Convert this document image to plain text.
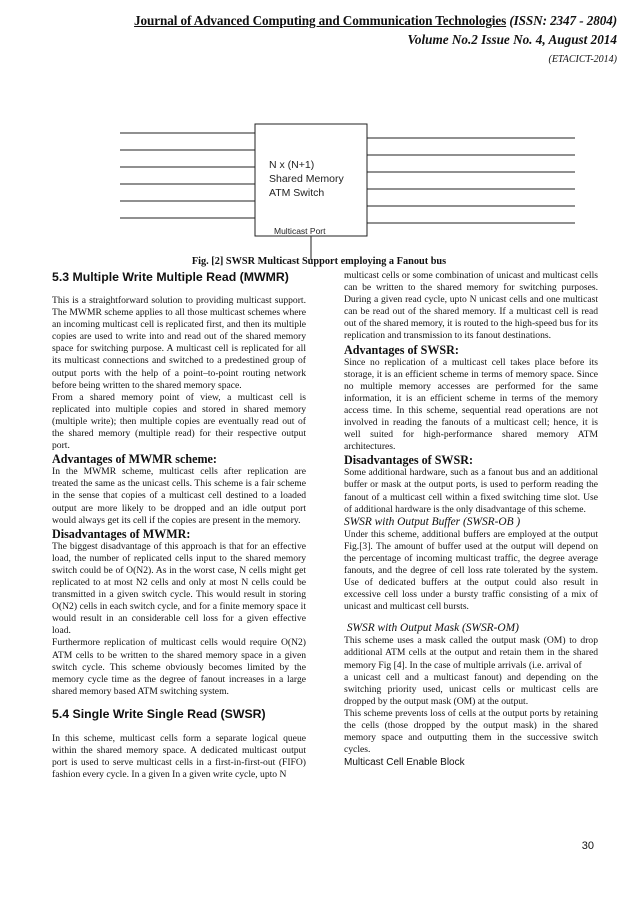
Journal of Advanced Computing and Communication Technologies (ISSN: 2347 - 2804)
Volume No.2 Issue No. 4, August 2014
(ETACICT-2014)
N x (N+1)
Shared Memory
ATM Switch
Multicast Port
Fig. [2] SWSR Multicast Support employing a Fanout bus

5.3 Multiple Write Multiple Read (MWMR)

This is a straightforward solution to providing multicast support. The MWMR scheme applies to all those multicast schemes where an incoming multicast cell is replicated first, and then its multiple copies are used to write into and read out of the shared memory space for switching purpose. A multicast cell is replicated for all its multicast connections and switched to a predestined group of output ports with the help of a point–to-point routing network before being written to the shared memory space.

From a shared memory point of view, a multicast cell is replicated into multiple copies and stored in shared memory (multiple write); then multiple copies are eventually read out of the shared memory (multiple read) for their respective output port.

Advantages of MWMR scheme:

In the MWMR scheme, multicast cells after replication are treated the same as the unicast cells. This scheme is a fair scheme in the sense that copies of a multicast cell destined to a loaded output are more likely to be dropped and an idle output port would always get its cell if the copies are present in the memory.

Disadvantages of MWMR:

The biggest disadvantage of this approach is that for an effective load, the number of replicated cells input to the shared memory switch could be of O(N2). As in the worst case, N cells might get replicated to at most N2 cells and only at most N cells could be transmitted in a given switch cycle. This would result in storing O(N2) cells in each switch cycle, and for a finite memory space it would result in an considerable cell loss for a given effective load.

Furthermore replication of multicast cells would require O(N2) ATM cells to be written to the shared memory space in a given switch cycle. This scheme obviously becomes limited by the memory cycle time as the degree of fanout increases in a large shared memory based ATM switching system.

5.4 Single Write Single Read (SWSR)

In this scheme, multicast cells form a separate logical queue within the shared memory space. A dedicated multicast output port is used to serve multicast cells in a first-in-first-out (FIFO) fashion every cycle. In a given In a given write cycle, upto N

multicast cells or some combination of unicast and multicast cells can be written to the shared memory for switching purposes. During a given read cycle, upto N unicast cells and one multicast can be read out of the shared memory. If a multicast cell is read out of the shared memory, it is routed to the high-speed bus for its replication and transmission to its fanout destinations.

Advantages of SWSR:

Since no replication of a multicast cell takes place before its storage, it is an efficient scheme in terms of memory space. Since no multiple memory accesses are performed for the same information, it is an efficient scheme in terms of the memory access time. In this scheme, sequential read operations are not involved in reading the fanouts of a multicast cell; hence, it is well suited for high-performance shared memory ATM architectures.

Disadvantages of SWSR:

Some additional hardware, such as a fanout bus and an additional buffer or mask at the output ports, is used to perform reading the fanout of a multicast cell within a fixed switching time slot. Use of additional hardware is the only disadvantage of this scheme.

SWSR with Output Buffer (SWSR-OB )

Under this scheme, additional buffers are employed at the output Fig.[3]. The amount of buffer used at the output will depend on the percentage of incoming multicast traffic, the degree average fanouts, and the degree of cell loss rate tolerated by the system. Use of dedicated buffers at the output could also result in excessive cell loss under a bursty traffic consisting of a mix of unicast and multicast cell bursts.

SWSR with Output Mask (SWSR-OM)

This scheme uses a mask called the output mask (OM) to drop additional ATM cells at the output and retain them in the shared memory Fig [4]. In the case of multiple arrivals (i.e. arrival of

a unicast cell and a multicast fanout) and depending on the switching priority used, unicast cells or multicast cells are dropped by the output mask (OM) at the output.

This scheme prevents loss of cells at the output ports by retaining the cells (those dropped by the output mask) in the shared memory space and outputting them in the successive switch cycles.

Multicast Cell Enable Block

30
